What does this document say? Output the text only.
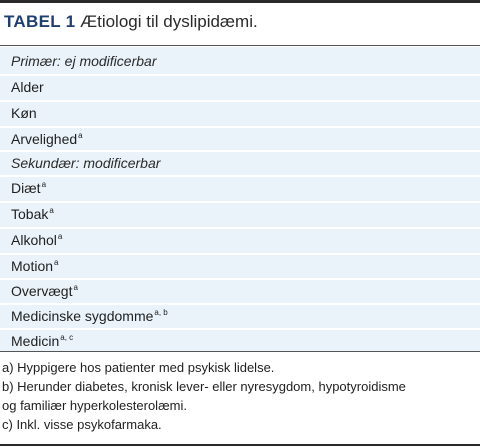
TABEL 1 Ætiologi til dyslipidæmi.
Primær: ej modificerbar
Alder
Køn
Arvelighed$^a$
Sekundær: modificerbar
Diæt$^a$
Tobak$^a$
Alkohol$^a$
Motion$^a$
Overvægt$^a$
Medicinske sygdomme$^{a, b}$
Medicin$^{a, c}$
a) Hyppigere hos patienter med psykisk lidelse.
b) Herunder diabetes, kronisk lever- eller nyresygdom, hypotyroidisme
og familiær hyperkolesterolæmi.
c) Inkl. visse psykofarmaka.
